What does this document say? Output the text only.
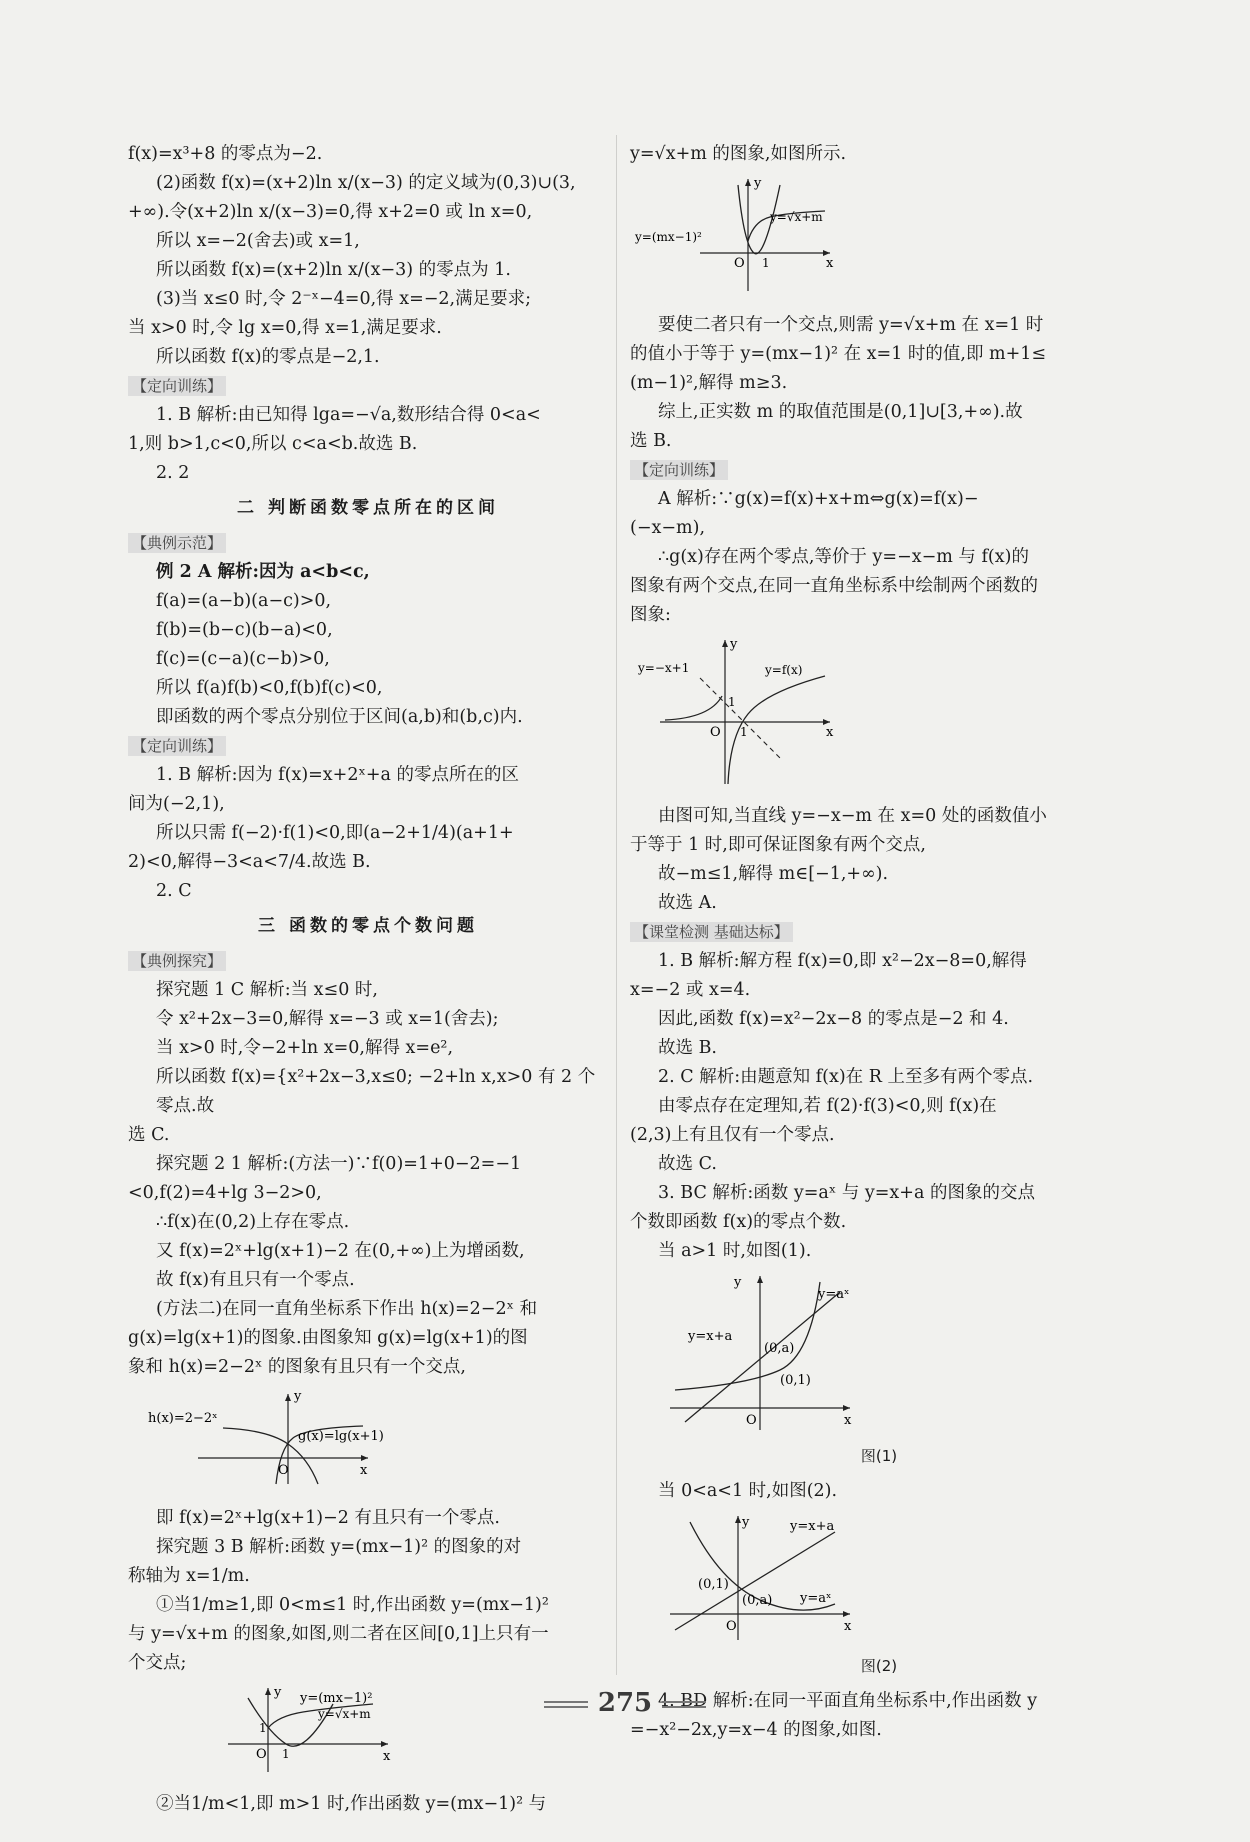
f(x)=x³+8 的零点为−2.

(2)函数 f(x)=(x+2)ln x/(x−3) 的定义域为(0,3)∪(3,

+∞).令(x+2)ln x/(x−3)=0,得 x+2=0 或 ln x=0,

所以 x=−2(舍去)或 x=1,

所以函数 f(x)=(x+2)ln x/(x−3) 的零点为 1.

(3)当 x≤0 时,令 2⁻ˣ−4=0,得 x=−2,满足要求;

当 x>0 时,令 lg x=0,得 x=1,满足要求.

所以函数 f(x)的零点是−2,1.

【定向训练】

1. B 解析:由已知得 lga=−√a,数形结合得 0<a<

1,则 b>1,c<0,所以 c<a<b.故选 B.

2. 2

二 判断函数零点所在的区间

【典例示范】

例 2 A 解析:因为 a<b<c,

f(a)=(a−b)(a−c)>0,

f(b)=(b−c)(b−a)<0,

f(c)=(c−a)(c−b)>0,

所以 f(a)f(b)<0,f(b)f(c)<0,

即函数的两个零点分别位于区间(a,b)和(b,c)内.

【定向训练】

1. B 解析:因为 f(x)=x+2ˣ+a 的零点所在的区

间为(−2,1),

所以只需 f(−2)·f(1)<0,即(a−2+1/4)(a+1+

2)<0,解得−3<a<7/4.故选 B.

2. C

三 函数的零点个数问题

【典例探究】

探究题 1 C 解析:当 x≤0 时,

令 x²+2x−3=0,解得 x=−3 或 x=1(舍去);

当 x>0 时,令−2+ln x=0,解得 x=e²,

所以函数 f(x)={x²+2x−3,x≤0; −2+ln x,x>0 有 2 个零点.故

选 C.

探究题 2 1 解析:(方法一)∵f(0)=1+0−2=−1

<0,f(2)=4+lg 3−2>0,

∴f(x)在(0,2)上存在零点.

又 f(x)=2ˣ+lg(x+1)−2 在(0,+∞)上为增函数,

故 f(x)有且只有一个零点.

(方法二)在同一直角坐标系下作出 h(x)=2−2ˣ 和

g(x)=lg(x+1)的图象.由图象知 g(x)=lg(x+1)的图

象和 h(x)=2−2ˣ 的图象有且只有一个交点,

y
x
O
h(x)=2−2ˣ
g(x)=lg(x+1)

即 f(x)=2ˣ+lg(x+1)−2 有且只有一个零点.

探究题 3 B 解析:函数 y=(mx−1)² 的图象的对

称轴为 x=1/m.

①当1/m≥1,即 0<m≤1 时,作出函数 y=(mx−1)²

与 y=√x+m 的图象,如图,则二者在区间[0,1]上只有一

个交点;

y
x
O 1
1
y=(mx−1)²
y=√x+m

②当1/m<1,即 m>1 时,作出函数 y=(mx−1)² 与

y=√x+m 的图象,如图所示.

y
x
O 1
y=(mx−1)²
y=√x+m

要使二者只有一个交点,则需 y=√x+m 在 x=1 时

的值小于等于 y=(mx−1)² 在 x=1 时的值,即 m+1≤

(m−1)²,解得 m≥3.

综上,正实数 m 的取值范围是(0,1]∪[3,+∞).故

选 B.

【定向训练】

A 解析:∵g(x)=f(x)+x+m⇔g(x)=f(x)−

(−x−m),

∴g(x)存在两个零点,等价于 y=−x−m 与 f(x)的

图象有两个交点,在同一直角坐标系中绘制两个函数的

图象:

y
x
O 1
1
y=−x+1	y=f(x)

由图可知,当直线 y=−x−m 在 x=0 处的函数值小

于等于 1 时,即可保证图象有两个交点,

故−m≤1,解得 m∈[−1,+∞).

故选 A.

【课堂检测 基础达标】

1. B 解析:解方程 f(x)=0,即 x²−2x−8=0,解得

x=−2 或 x=4.

因此,函数 f(x)=x²−2x−8 的零点是−2 和 4.

故选 B.

2. C 解析:由题意知 f(x)在 R 上至多有两个零点.

由零点存在定理知,若 f(2)·f(3)<0,则 f(x)在

(2,3)上有且仅有一个零点.

故选 C.

3. BC 解析:函数 y=aˣ 与 y=x+a 的图象的交点

个数即函数 f(x)的零点个数.

当 a>1 时,如图(1).

y
x
O
y=aˣ
y=x+a
(0,a)
(0,1)
图(1)

当 0<a<1 时,如图(2).

y
x
O
y=x+a
y=aˣ
(0,1)
(0,a)
图(2)

4. BD 解析:在同一平面直角坐标系中,作出函数 y

=−x²−2x,y=x−4 的图象,如图.

275
